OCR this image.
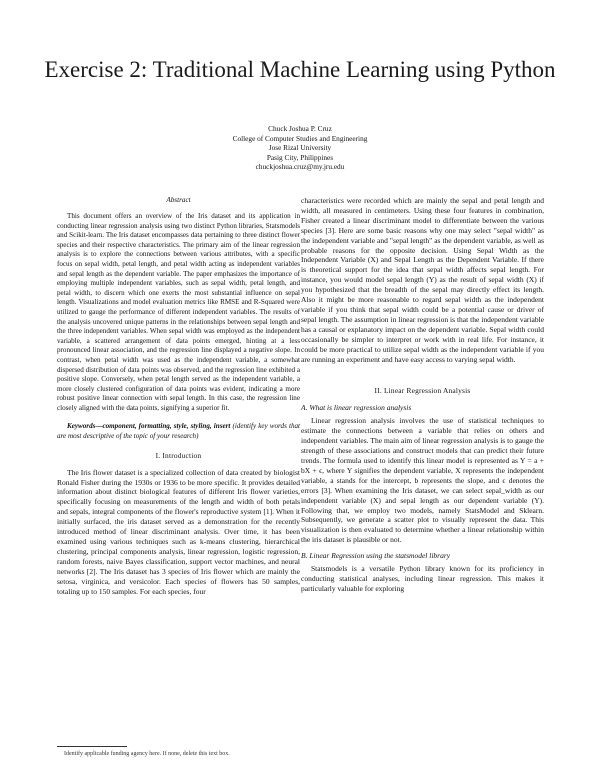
Exercise 2: Traditional Machine Learning using Python
Chuck Joshua P. Cruz
College of Computer Studies and Engineering
Jose Rizal University
Pasig City, Philippines
chuckjoshua.cruz@my.jru.edu
Abstract

This document offers an overview of the Iris dataset and its application in conducting linear regression analysis using two distinct Python libraries, Statsmodels and Scikit-learn. The Iris dataset encompasses data pertaining to three distinct flower species and their respective characteristics. The primary aim of the linear regression analysis is to explore the connections between various attributes, with a specific focus on sepal width, petal length, and petal width acting as independent variables and sepal length as the dependent variable. The paper emphasizes the importance of employing multiple independent variables, such as sepal width, petal length, and petal width, to discern which one exerts the most substantial influence on sepal length. Visualizations and model evaluation metrics like RMSE and R-Squared were utilized to gauge the performance of different independent variables. The results of the analysis uncovered unique patterns in the relationships between sepal length and the three independent variables. When sepal width was employed as the independent variable, a scattered arrangement of data points emerged, hinting at a less pronounced linear association, and the regression line displayed a negative slope. In contrast, when petal width was used as the independent variable, a somewhat dispersed distribution of data points was observed, and the regression line exhibited a positive slope. Conversely, when petal length served as the independent variable, a more closely clustered configuration of data points was evident, indicating a more robust positive linear connection with sepal length. In this case, the regression line closely aligned with the data points, signifying a superior fit.

Keywords—component, formatting, style, styling, insert (identify key words that are most descriptive of the topic of your research)

I. Introduction

The Iris flower dataset is a specialized collection of data created by biologist Ronald Fisher during the 1930s or 1936 to be more specific. It provides detailed information about distinct biological features of different Iris flower varieties, specifically focusing on measurements of the length and width of both petals and sepals, integral components of the flower's reproductive system [1]. When it initially surfaced, the iris dataset served as a demonstration for the recently introduced method of linear discriminant analysis. Over time, it has been examined using various techniques such as k-means clustering, hierarchical clustering, principal components analysis, linear regression, logistic regression, random forests, naive Bayes classification, support vector machines, and neural networks [2]. The Iris dataset has 3 species of Iris flower which are mainly the setosa, virginica, and versicolor. Each species of flowers has 50 samples, totaling up to 150 samples. For each species, four

characteristics were recorded which are mainly the sepal and petal length and width, all measured in centimeters. Using these four features in combination, Fisher created a linear discriminant model to differentiate between the various species [3]. Here are some basic reasons why one may select "sepal width" as the independent variable and "sepal length" as the dependent variable, as well as probable reasons for the opposite decision. Using Sepal Width as the Independent Variable (X) and Sepal Length as the Dependent Variable. If there is theoretical support for the idea that sepal width affects sepal length. For instance, you would model sepal length (Y) as the result of sepal width (X) if you hypothesized that the breadth of the sepal may directly effect its length. Also it might be more reasonable to regard sepal width as the independent variable if you think that sepal width could be a potential cause or driver of sepal length. The assumption in linear regression is that the independent variable has a causal or explanatory impact on the dependent variable. Sepal width could occasionally be simpler to interpret or work with in real life. For instance, it could be more practical to utilize sepal width as the independent variable if you are running an experiment and have easy access to varying sepal width.

II. Linear Regression Analysis
A. What is linear regression analysis

Linear regression analysis involves the use of statistical techniques to estimate the connections between a variable that relies on others and independent variables. The main aim of linear regression analysis is to gauge the strength of these associations and construct models that can predict their future trends. The formula used to identify this linear model is represented as Y = a + bX + ϵ, where Y signifies the dependent variable, X represents the independent variable, a stands for the intercept, b represents the slope, and ϵ denotes the errors [3]. When examining the Iris dataset, we can select sepal_width as our independent variable (X) and sepal length as our dependent variable (Y). Following that, we employ two models, namely StatsModel and Sklearn. Subsequently, we generate a scatter plot to visually represent the data. This visualization is then evaluated to determine whether a linear relationship within the iris dataset is plausible or not.

B. Linear Regression using the statsmodel library

Statsmodels is a versatile Python library known for its proficiency in conducting statistical analyses, including linear regression. This makes it particularly valuable for exploring

Identify applicable funding agency here. If none, delete this text box.
